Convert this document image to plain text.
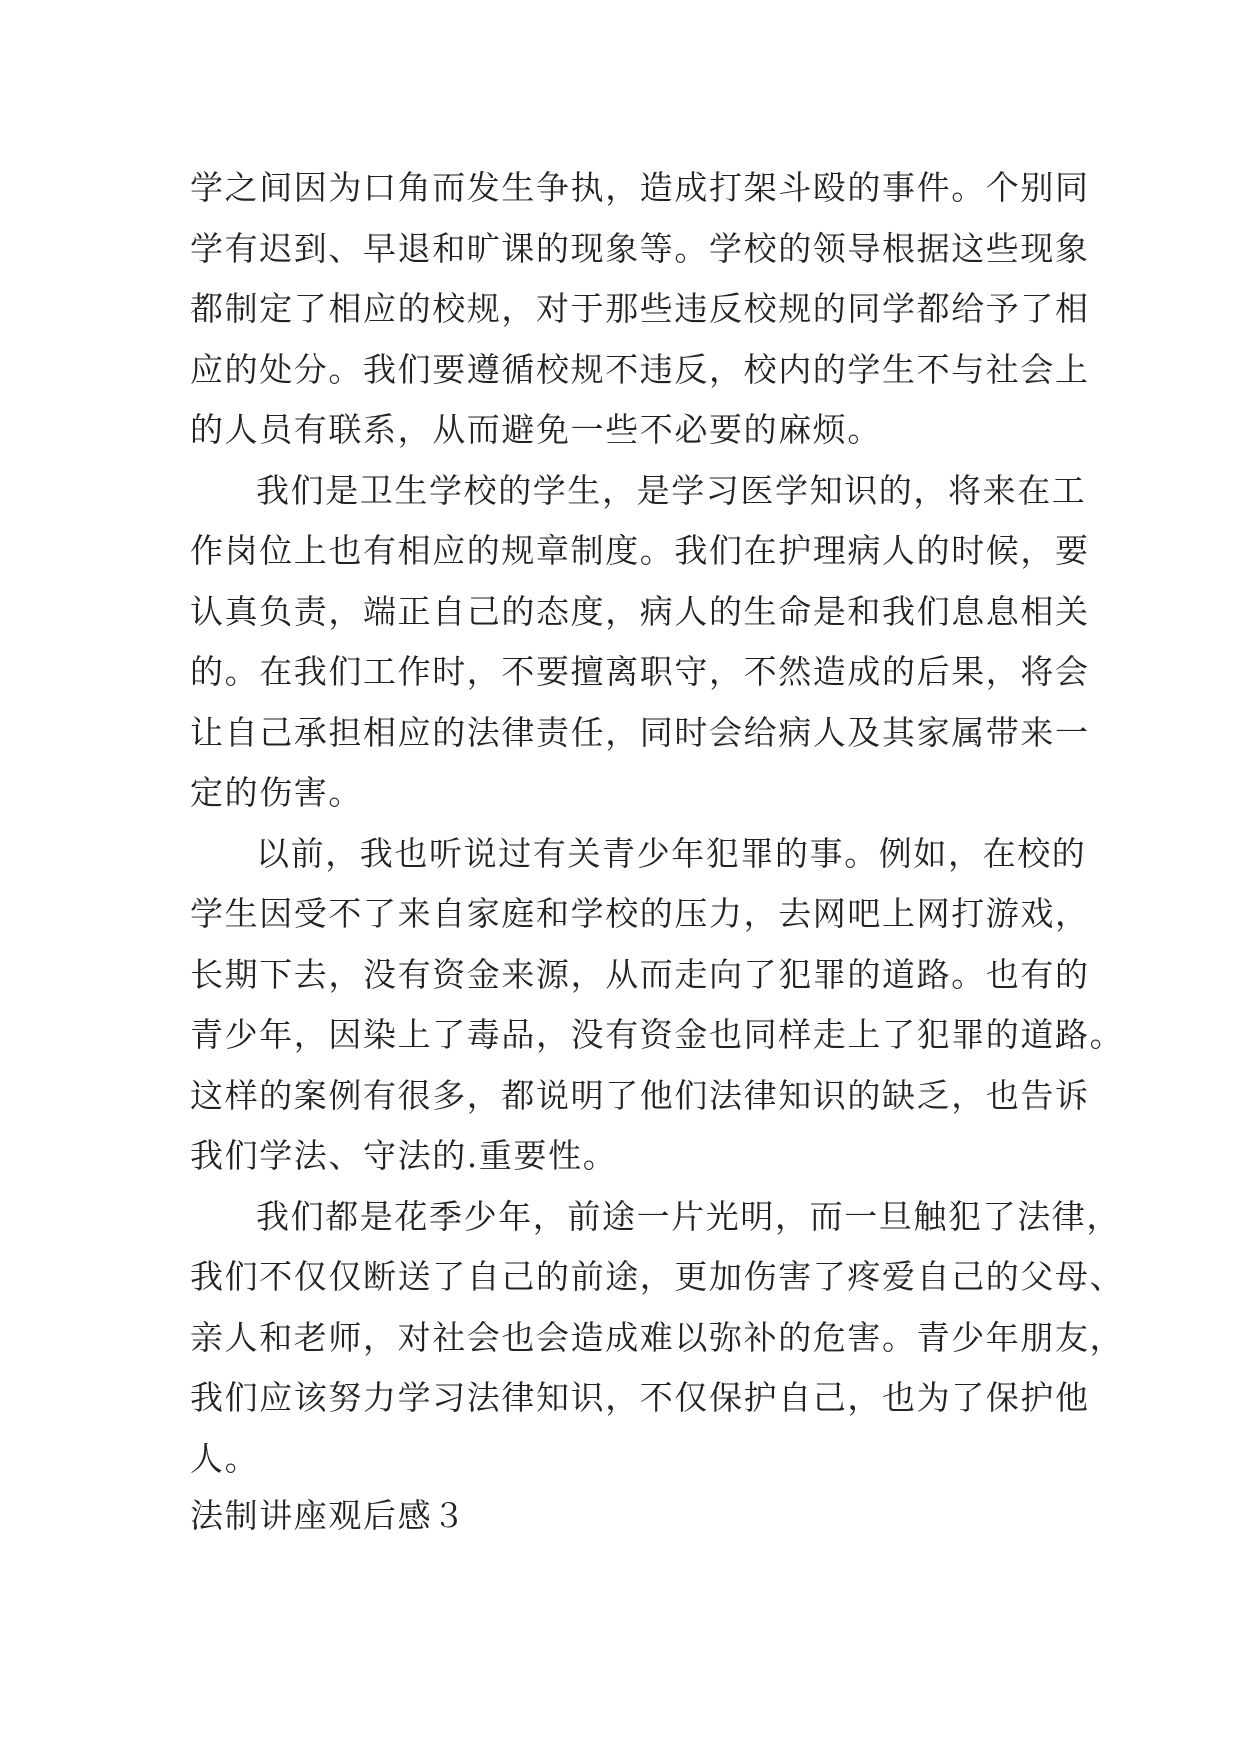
学之间因为口角而发生争执，造成打架斗殴的事件。个别同
学有迟到、早退和旷课的现象等。学校的领导根据这些现象
都制定了相应的校规，对于那些违反校规的同学都给予了相
应的处分。我们要遵循校规不违反，校内的学生不与社会上
的人员有联系，从而避免一些不必要的麻烦。
我们是卫生学校的学生，是学习医学知识的，将来在工
作岗位上也有相应的规章制度。我们在护理病人的时候，要
认真负责，端正自己的态度，病人的生命是和我们息息相关
的。在我们工作时，不要擅离职守，不然造成的后果，将会
让自己承担相应的法律责任，同时会给病人及其家属带来一
定的伤害。
以前，我也听说过有关青少年犯罪的事。例如，在校的
学生因受不了来自家庭和学校的压力，去网吧上网打游戏，
长期下去，没有资金来源，从而走向了犯罪的道路。也有的
青少年，因染上了毒品，没有资金也同样走上了犯罪的道路。
这样的案例有很多，都说明了他们法律知识的缺乏，也告诉
我们学法、守法的.重要性。
我们都是花季少年，前途一片光明，而一旦触犯了法律，
我们不仅仅断送了自己的前途，更加伤害了疼爱自己的父母、
亲人和老师，对社会也会造成难以弥补的危害。青少年朋友，
我们应该努力学习法律知识，不仅保护自己，也为了保护他
人。
法制讲座观后感３
